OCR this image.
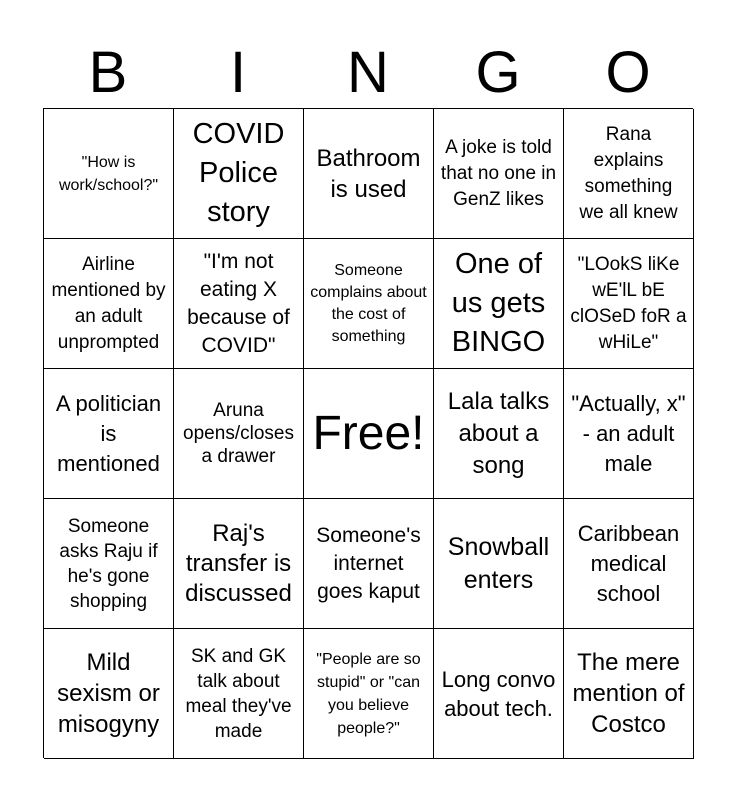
B	I	N	G	O
"How is work/school?"
COVID Police story
Bathroom is used
A joke is told that no one in GenZ likes
Rana explains something we all knew
Airline mentioned by an adult unprompted
"I'm not eating X because of COVID"
Someone complains about the cost of something
One of us gets BINGO
"LOokS liKe wE'lL bE clOSeD foR a wHiLe"
A politician is mentioned
Aruna opens/closes a drawer Free!
Lala talks about a song
"Actually, x" - an adult male
Someone asks Raju if he's gone shopping
Raj's transfer is discussed
Someone's internet goes kaput
Snowball enters
Caribbean medical school
Mild sexism or misogyny
SK and GK talk about meal they've made
"People are so stupid" or "can you believe people?"
Long convo about tech.
The mere mention of Costco
